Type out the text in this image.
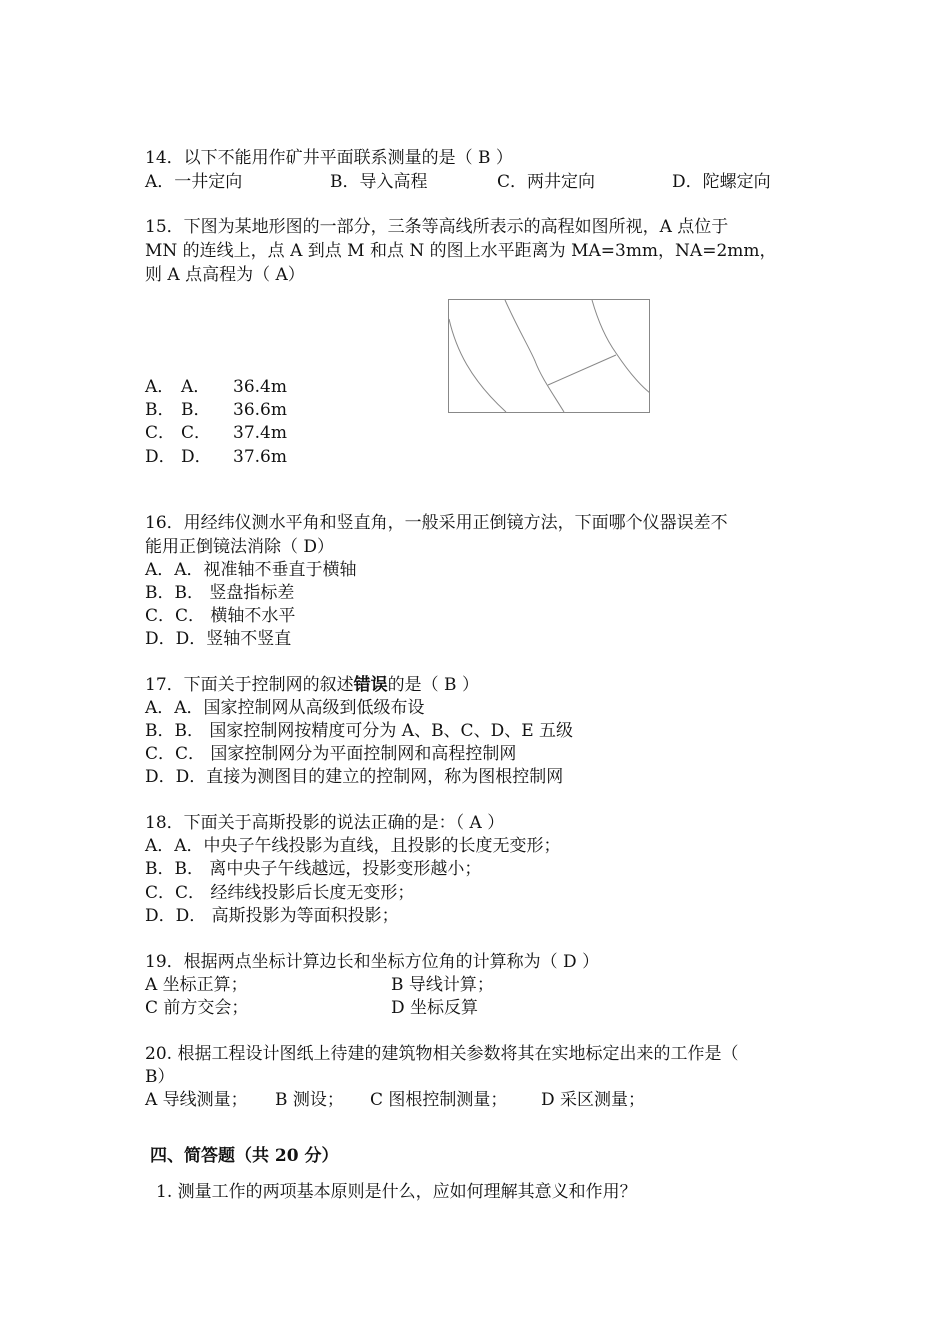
14．以下不能用作矿井平面联系测量的是（ B ）
A．一井定向	B．导入高程	C．两井定向	D．陀螺定向
15．下图为某地形图的一部分，三条等高线所表示的高程如图所视，A 点位于
MN 的连线上，点 A 到点 M 和点 N 的图上水平距离为 MA=3mm，NA=2mm，
则 A 点高程为（ A）
A． A． 36.4m
B． B． 36.6m
C． C． 37.4m
D． D． 37.6m
16．用经纬仪测水平角和竖直角，一般采用正倒镜方法，下面哪个仪器误差不
能用正倒镜法消除（ D）
A．A．视准轴不垂直于横轴
B．B． 竖盘指标差
C．C． 横轴不水平
D．D．竖轴不竖直
17．下面关于控制网的叙述错误的是（ B ）
A．A．国家控制网从高级到低级布设
B．B． 国家控制网按精度可分为 A、B、C、D、E 五级
C．C． 国家控制网分为平面控制网和高程控制网
D．D．直接为测图目的建立的控制网，称为图根控制网
18．下面关于高斯投影的说法正确的是：（ A ）
A．A．中央子午线投影为直线，且投影的长度无变形；
B．B． 离中央子午线越远，投影变形越小；
C．C． 经纬线投影后长度无变形；
D．D． 高斯投影为等面积投影；
19．根据两点坐标计算边长和坐标方位角的计算称为（ D ）
A 坐标正算；	B 导线计算；
C 前方交会；	D 坐标反算
20. 根据工程设计图纸上待建的建筑物相关参数将其在实地标定出来的工作是（
B）
A 导线测量； B 测设； C 图根控制测量； D 采区测量；
四、简答题（共 20 分）
1. 测量工作的两项基本原则是什么，应如何理解其意义和作用？
